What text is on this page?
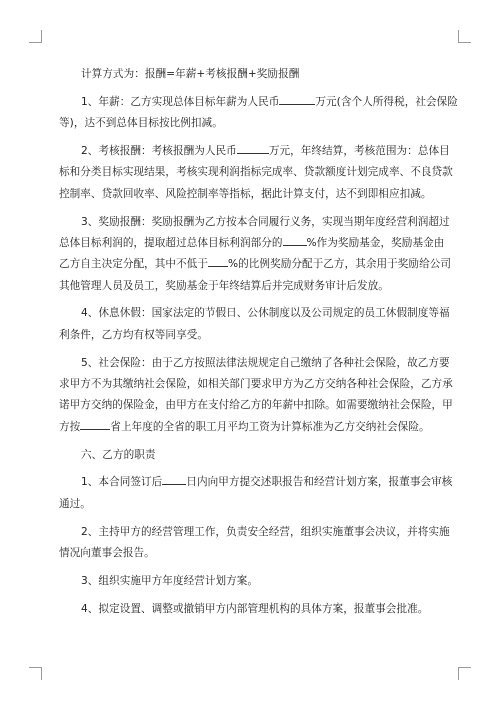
计算方式为：报酬=年薪+考核报酬+奖励报酬

1、年薪：乙方实现总体目标年薪为人民币	万元(含个人所得税，社会保险

等)，达不到总体目标按比例扣减。

2、考核报酬：考核报酬为人民币	万元，年终结算，考核范围为：总体目

标和分类目标实现结果，考核实现利润指标完成率、贷款额度计划完成率、不良贷款

控制率、贷款回收率、风险控制率等指标，据此计算支付，达不到即相应扣减。

3、奖励报酬：奖励报酬为乙方按本合同履行义务，实现当期年度经营利润超过

总体目标利润的，提取超过总体目标利润部分的 %作为奖励基金，奖励基金由

乙方自主决定分配，其中不低于 %的比例奖励分配于乙方，其余用于奖励给公司

其他管理人员及员工，奖励基金于年终结算后并完成财务审计后发放。

4、休息休假：国家法定的节假日、公休制度以及公司规定的员工休假制度等福

利条件，乙方均有权等同享受。

5、社会保险：由于乙方按照法律法规规定自己缴纳了各种社会保险，故乙方要

求甲方不为其缴纳社会保险，如相关部门要求甲方为乙方交纳各种社会保险，乙方承

诺甲方交纳的保险金，由甲方在支付给乙方的年薪中扣除。如需要缴纳社会保险，甲

方按	省上年度的全省的职工月平均工资为计算标准为乙方交纳社会保险。

六、乙方的职责

1、本合同签订后 日内向甲方提交述职报告和经营计划方案，报董事会审核

通过。

2、主持甲方的经营管理工作，负责安全经营，组织实施董事会决议，并将实施

情况向董事会报告。

3、组织实施甲方年度经营计划方案。

4、拟定设置、调整或撤销甲方内部管理机构的具体方案，报董事会批准。
